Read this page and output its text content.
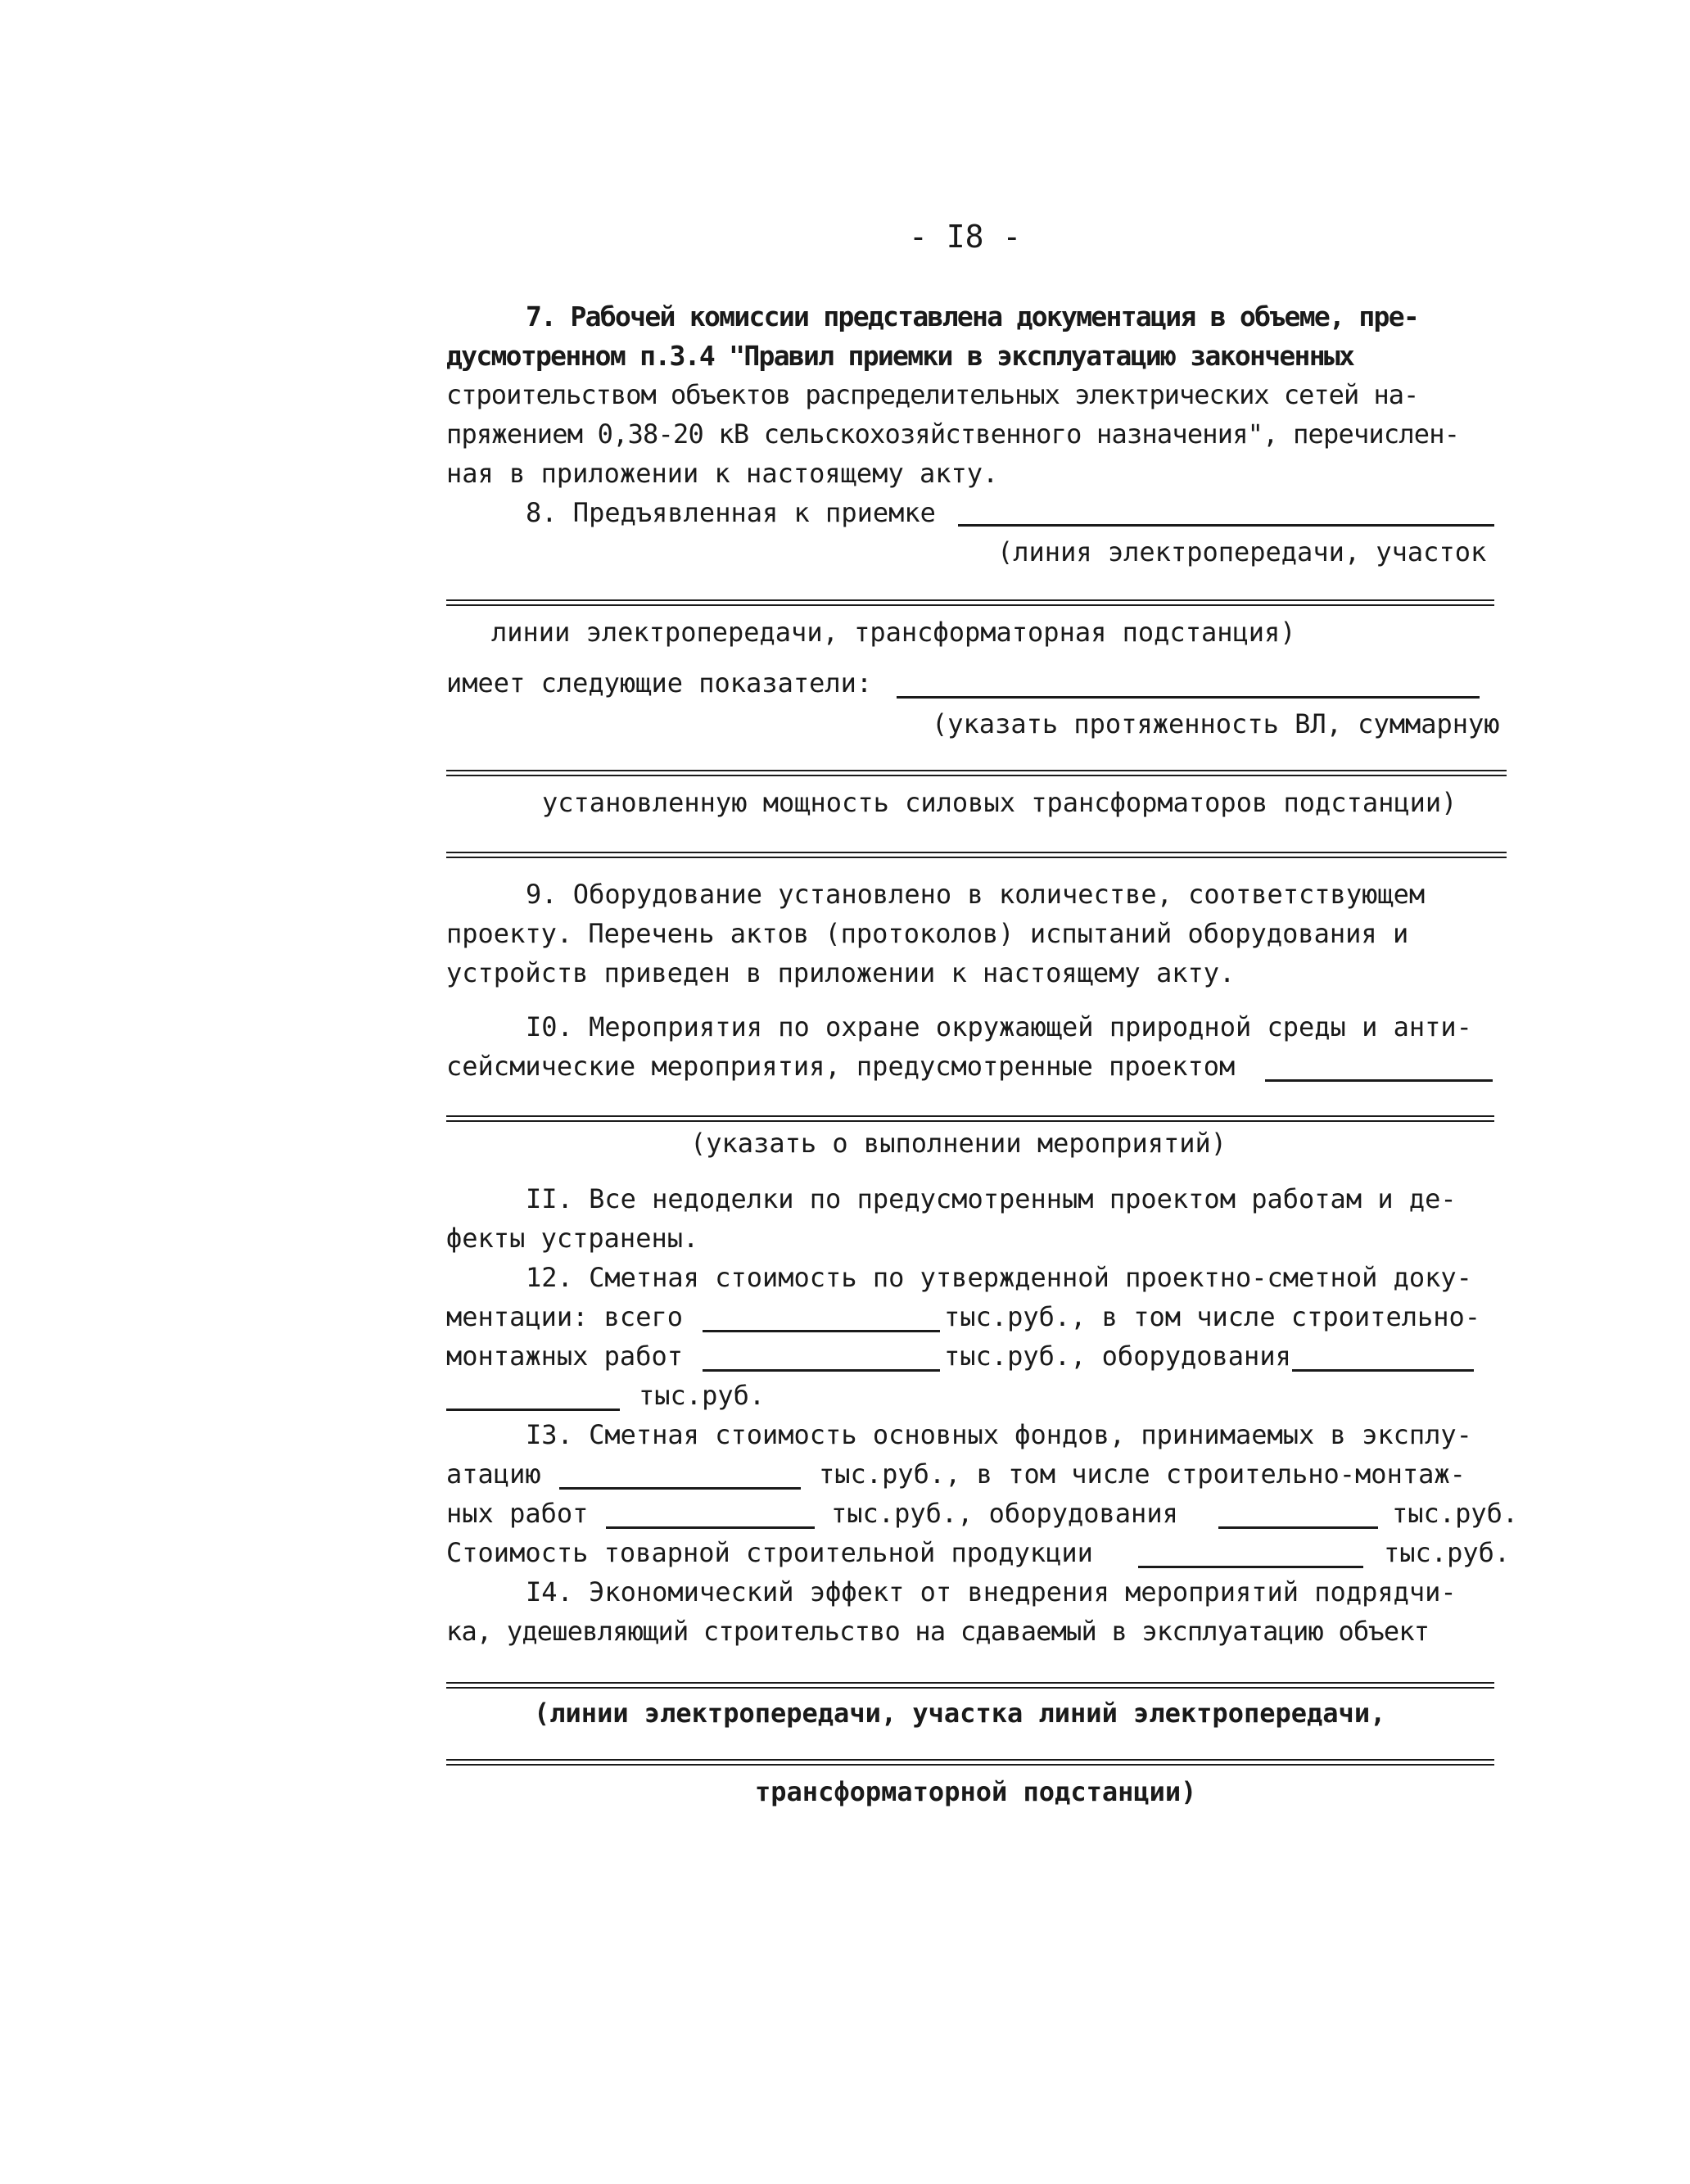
- I8 -
7. Рабочей комиссии представлена документация в объеме, пре-
дусмотренном п.3.4 "Правил приемки в эксплуатацию законченных
строительством объектов распределительных электрических сетей на-
пряжением 0,38-20 кВ сельскохозяйственного назначения", перечислен-
ная в приложении к настоящему акту.
8. Предъявленная к приемке
(линия электропередачи, участок
линии электропередачи, трансформаторная подстанция)
имеет следующие показатели:
(указать протяженность ВЛ, суммарную
установленную мощность силовых трансформаторов подстанции)
9. Оборудование установлено в количестве, соответствующем
проекту. Перечень актов (протоколов) испытаний оборудования и
устройств приведен в приложении к настоящему акту.
I0. Мероприятия по охране окружающей природной среды и анти-
сейсмические мероприятия, предусмотренные проектом
(указать о выполнении мероприятий)
II. Все недоделки по предусмотренным проектом работам и де-
фекты устранены.
12. Сметная стоимость по утвержденной проектно-сметной доку-
ментации: всего	тыс.руб., в том числе строительно-
монтажных работ	тыс.руб., оборудования
тыс.руб.
I3. Сметная стоимость основных фондов, принимаемых в эксплу-
атацию	тыс.руб., в том числе строительно-монтаж-
ных работ	тыс.руб., оборудования	тыс.руб.
Стоимость товарной строительной продукции	тыс.руб.
I4. Экономический эффект от внедрения мероприятий подрядчи-
ка, удешевляющий строительство на сдаваемый в эксплуатацию объект
(линии электропередачи, участка линий электропередачи,
трансформаторной подстанции)
